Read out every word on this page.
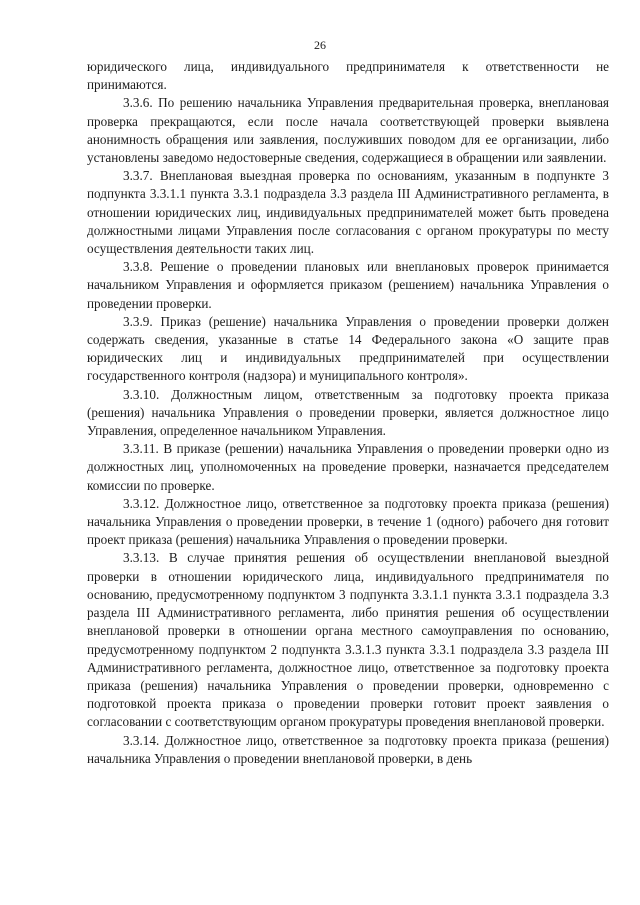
26

юридического лица, индивидуального предпринимателя к ответственности не принимаются.

3.3.6. По решению начальника Управления предварительная проверка, внеплановая проверка прекращаются, если после начала соответствующей проверки выявлена анонимность обращения или заявления, послуживших поводом для ее организации, либо установлены заведомо недостоверные сведения, содержащиеся в обращении или заявлении.

3.3.7. Внеплановая выездная проверка по основаниям, указанным в подпункте 3 подпункта 3.3.1.1 пункта 3.3.1 подраздела 3.3 раздела III Административного регламента, в отношении юридических лиц, индивидуальных предпринимателей может быть проведена должностными лицами Управления после согласования с органом прокуратуры по месту осуществления деятельности таких лиц.

3.3.8. Решение о проведении плановых или внеплановых проверок принимается начальником Управления и оформляется приказом (решением) начальника Управления о проведении проверки.

3.3.9. Приказ (решение) начальника Управления о проведении проверки должен содержать сведения, указанные в статье 14 Федерального закона «О защите прав юридических лиц и индивидуальных предпринимателей при осуществлении государственного контроля (надзора) и муниципального контроля».

3.3.10. Должностным лицом, ответственным за подготовку проекта приказа (решения) начальника Управления о проведении проверки, является должностное лицо Управления, определенное начальником Управления.

3.3.11. В приказе (решении) начальника Управления о проведении проверки одно из должностных лиц, уполномоченных на проведение проверки, назначается председателем комиссии по проверке.

3.3.12. Должностное лицо, ответственное за подготовку проекта приказа (решения) начальника Управления о проведении проверки, в течение 1 (одного) рабочего дня готовит проект приказа (решения) начальника Управления о проведении проверки.

3.3.13. В случае принятия решения об осуществлении внеплановой выездной проверки в отношении юридического лица, индивидуального предпринимателя по основанию, предусмотренному подпунктом 3 подпункта 3.3.1.1 пункта 3.3.1 подраздела 3.3 раздела III Административного регламента, либо принятия решения об осуществлении внеплановой проверки в отношении органа местного самоуправления по основанию, предусмотренному подпунктом 2 подпункта 3.3.1.3 пункта 3.3.1 подраздела 3.3 раздела III Административного регламента, должностное лицо, ответственное за подготовку проекта приказа (решения) начальника Управления о проведении проверки, одновременно с подготовкой проекта приказа о проведении проверки готовит проект заявления о согласовании с соответствующим органом прокуратуры проведения внеплановой проверки.

3.3.14. Должностное лицо, ответственное за подготовку проекта приказа (решения) начальника Управления о проведении внеплановой проверки, в день
